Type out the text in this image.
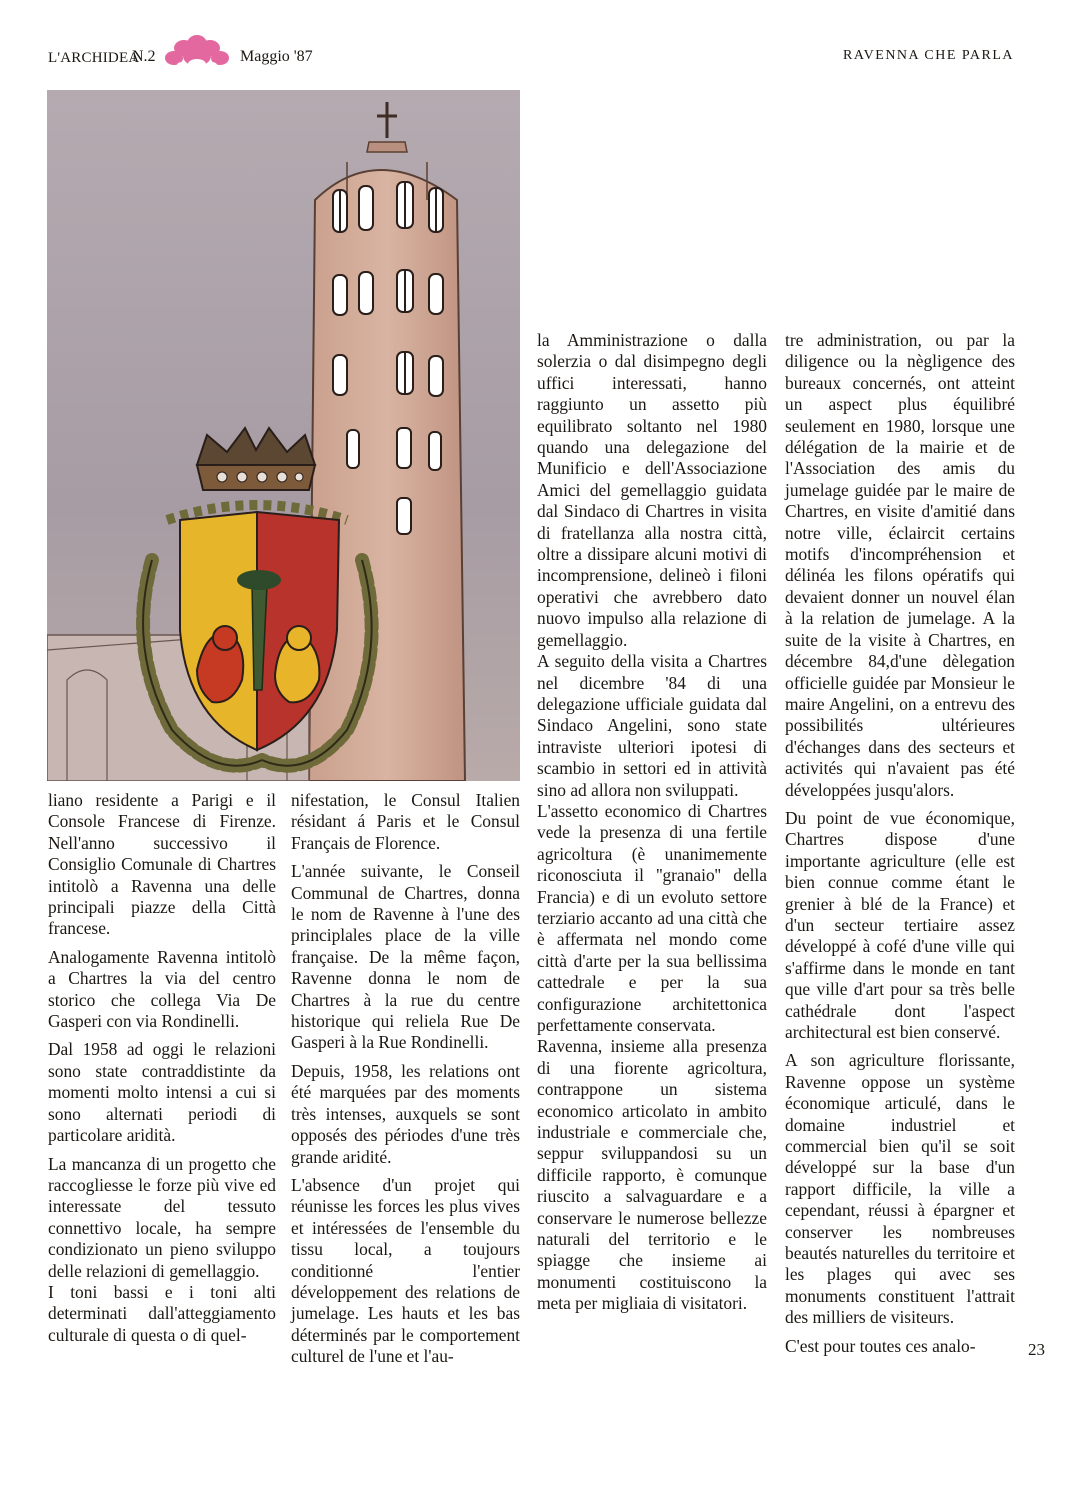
L'ARCHIDEA
N.2	Maggio '87	RAVENNA CHE PARLA

liano residente a Parigi e il Console Francese di Firenze. Nell'anno successivo il Consiglio Comunale di Chartres intitolò a Ravenna una delle principali piazze della Città francese.

Analogamente Ravenna intitolò a Chartres la via del centro storico che collega Via De Gasperi con via Rondinelli.

Dal 1958 ad oggi le relazioni sono state contraddistinte da momenti molto intensi a cui si sono alternati periodi di particolare aridità.

La mancanza di un progetto che raccogliesse le forze più vive ed interessate del tessuto connettivo locale, ha sempre condizionato un pieno sviluppo delle relazioni di gemellaggio.

I toni bassi e i toni alti determinati dall'atteggiamento culturale di questa o di quel-

nifestation, le Consul Italien résidant á Paris et le Consul Français de Florence.

L'année suivante, le Conseil Communal de Chartres, donna le nom de Ravenne à l'une des principlales place de la ville française. De la même façon, Ravenne donna le nom de Chartres à la rue du centre historique qui reliela Rue De Gasperi à la Rue Rondinelli.

Depuis, 1958, les relations ont été marquées par des moments très intenses, auxquels se sont opposés des périodes d'une très grande aridité.

L'absence d'un projet qui réunisse les forces les plus vives et intéressées de l'ensemble du tissu local, a toujours conditionné l'entier développement des relations de jumelage. Les hauts et les bas déterminés par le comportement culturel de l'une et l'au-

la Amministrazione o dalla solerzia o dal disimpegno degli uffici interessati, hanno raggiunto un assetto più equilibrato soltanto nel 1980 quando una delegazione del Munificio e dell'Associazione Amici del gemellaggio guidata dal Sindaco di Chartres in visita di fratellanza alla nostra città, oltre a dissipare alcuni motivi di incomprensione, delineò i filoni operativi che avrebbero dato nuovo impulso alla relazione di gemellaggio.

A seguito della visita a Chartres nel dicembre '84 di una delegazione ufficiale guidata dal Sindaco Angelini, sono state intraviste ulteriori ipotesi di scambio in settori ed in attività sino ad allora non sviluppati.

L'assetto economico di Chartres vede la presenza di una fertile agricoltura (è unanimemente riconosciuta il ''granaio'' della Francia) e di un evoluto settore terziario accanto ad una città che è affermata nel mondo come città d'arte per la sua bellissima cattedrale e per la sua configurazione architettonica perfettamente conservata.

Ravenna, insieme alla presenza di una fiorente agricoltura, contrappone un sistema economico articolato in ambito industriale e commerciale che, seppur sviluppandosi su un difficile rapporto, è comunque riuscito a salvaguardare e a conservare le numerose bellezze naturali del territorio e le spiagge che insieme ai monumenti costituiscono la meta per migliaia di visitatori.

tre administration, ou par la diligence ou la nègligence des bureaux concernés, ont atteint un aspect plus équilibré seulement en 1980, lorsque une délégation de la mairie et de l'Association des amis du jumelage guidée par le maire de Chartres, en visite d'amitié dans notre ville, éclaircit certains motifs d'incompréhension et délinéa les filons opératifs qui devaient donner un nouvel élan à la relation de jumelage. A la suite de la visite à Chartres, en décembre 84,d'une dèlegation officielle guidée par Monsieur le maire Angelini, on a entrevu des possibilités ultérieures d'échanges dans des secteurs et activités qui n'avaient pas été développées jusqu'alors.

Du point de vue économique, Chartres dispose d'une importante agriculture (elle est bien connue comme étant le grenier à blé de la France) et d'un secteur tertiaire assez développé à cofé d'une ville qui s'affirme dans le monde en tant que ville d'art pour sa très belle cathédrale dont l'aspect architectural est bien conservé.

A son agriculture florissante, Ravenne oppose un système économique articulé, dans le domaine industriel et commercial bien qu'il se soit développé sur la base d'un rapport difficile, la ville a cependant, réussi à épargner et conserver les nombreuses beautés naturelles du territoire et les plages qui avec ses monuments constituent l'attrait des milliers de visiteurs.

C'est pour toutes ces analo-	23
